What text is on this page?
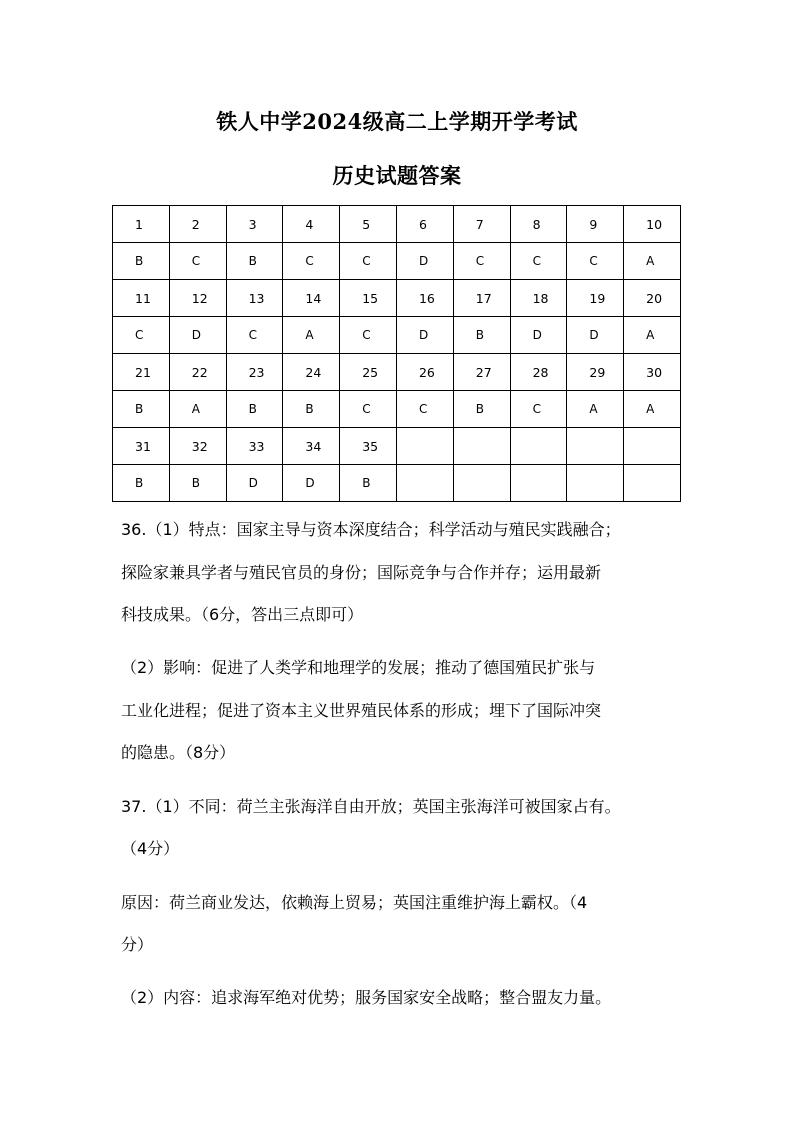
铁人中学2024级高二上学期开学考试
历史试题答案
1	2	3	4	5	6	7	8	9	10
B	C	B	C	C	D	C	C	C	A
11	12	13	14	15	16	17	18	19	20
C	D	C	A	C	D	B	D	D	A
21	22	23	24	25	26	27	28	29	30
B	A	B	B	C	C	B	C	A	A
31	32	33	34	35					
B	B	D	D	B					
36.（1）特点：国家主导与资本深度结合；科学活动与殖民实践融合；
探险家兼具学者与殖民官员的身份；国际竞争与合作并存；运用最新
科技成果。（6分，答出三点即可）
（2）影响：促进了人类学和地理学的发展；推动了德国殖民扩张与
工业化进程；促进了资本主义世界殖民体系的形成；埋下了国际冲突
的隐患。（8分）
37.（1）不同：荷兰主张海洋自由开放；英国主张海洋可被国家占有。
（4分）
原因：荷兰商业发达，依赖海上贸易；英国注重维护海上霸权。（4
分）
（2）内容：追求海军绝对优势；服务国家安全战略；整合盟友力量。
